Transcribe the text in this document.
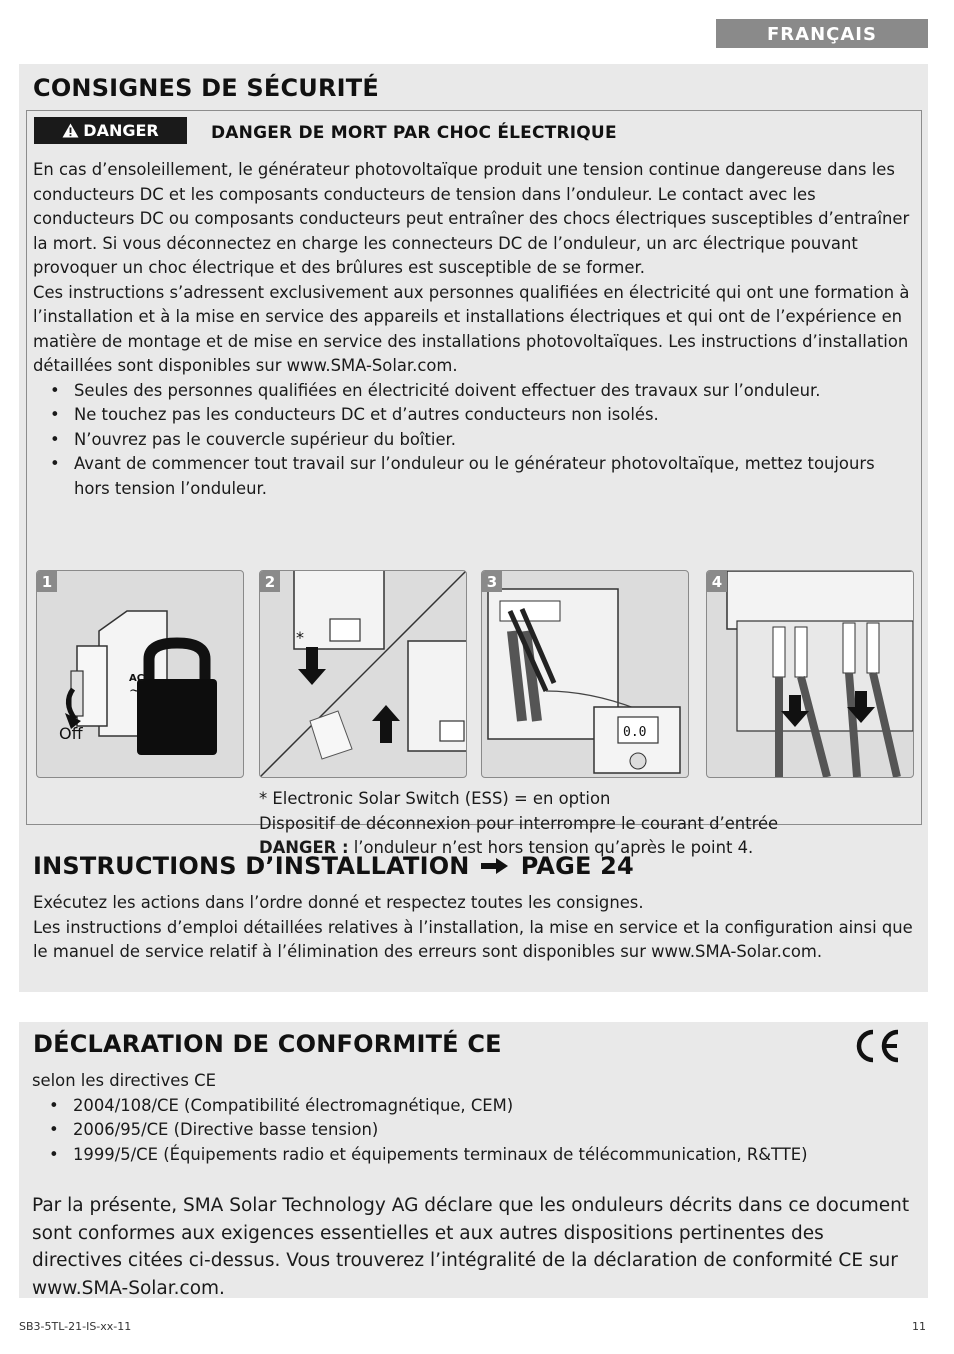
FRANÇAIS
CONSIGNES DE SÉCURITÉ
DANGER	DANGER DE MORT PAR CHOC ÉLECTRIQUE

En cas d’ensoleillement, le générateur photovoltaïque produit une tension continue dangereuse dans les conducteurs DC et les composants conducteurs de tension dans l’onduleur. Le contact avec les conducteurs DC ou composants conducteurs peut entraîner des chocs électriques susceptibles d’entraîner la mort. Si vous déconnectez en charge les connecteurs DC de l’onduleur, un arc électrique pouvant provoquer un choc électrique et des brûlures est susceptible de se former.

Ces instructions s’adressent exclusivement aux personnes qualifiées en électricité qui ont une formation à l’installation et à la mise en service des appareils et installations électriques et qui ont de l’expérience en matière de montage et de mise en service des installations photovoltaïques. Les instructions d’installation détaillées sont disponibles sur www.SMA-Solar.com.

• Seules des personnes qualifiées en électricité doivent effectuer des travaux sur l’onduleur.
• Ne touchez pas les conducteurs DC et d’autres conducteurs non isolés.
• N’ouvrez pas le couvercle supérieur du boîtier.
• Avant de commencer tout travail sur l’onduleur ou le générateur photovoltaïque, mettez toujours hors tension l’onduleur.
1
AC
~
Off
2
*
3
0.0
4
* Electronic Solar Switch (ESS) = en option
Dispositif de déconnexion pour interrompre le courant d’entrée
DANGER : l’onduleur n’est hors tension qu’après le point 4.
INSTRUCTIONS D’INSTALLATION PAGE 24

Exécutez les actions dans l’ordre donné et respectez toutes les consignes.

Les instructions d’emploi détaillées relatives à l’installation, la mise en service et la configuration ainsi que le manuel de service relatif à l’élimination des erreurs sont disponibles sur www.SMA-Solar.com.

DÉCLARATION DE CONFORMITÉ CE

selon les directives CE

• 2004/108/CE (Compatibilité électromagnétique, CEM)
• 2006/95/CE (Directive basse tension)
• 1999/5/CE (Équipements radio et équipements terminaux de télécommunication, R&TTE)
Par la présente, SMA Solar Technology AG déclare que les onduleurs décrits dans ce document sont conformes aux exigences essentielles et aux autres dispositions pertinentes des directives citées ci-dessus. Vous trouverez l’intégralité de la déclaration de conformité CE sur www.SMA-Solar.com.
SB3-5TL-21-IS-xx-11	11
